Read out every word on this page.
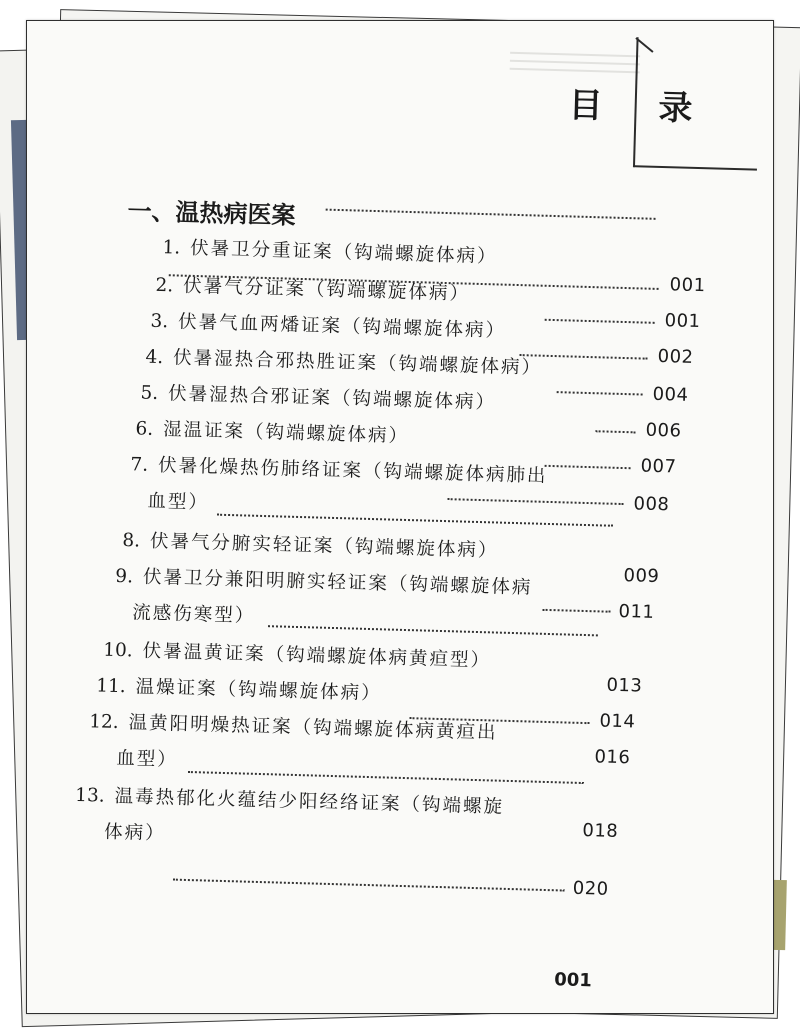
目 录
一、温热病医案
1. 伏暑卫分重证案（钩端螺旋体病）
001
2. 伏暑气分证案（钩端螺旋体病）
001
3. 伏暑气血两燔证案（钩端螺旋体病）
002
4. 伏暑湿热合邪热胜证案（钩端螺旋体病）
004
5. 伏暑湿热合邪证案（钩端螺旋体病）
006
6. 湿温证案（钩端螺旋体病）
007
7. 伏暑化燥热伤肺络证案（钩端螺旋体病肺出
008
血型）
8. 伏暑气分腑实轻证案（钩端螺旋体病）
009
9. 伏暑卫分兼阳明腑实轻证案（钩端螺旋体病
011
流感伤寒型）
10. 伏暑温黄证案（钩端螺旋体病黄疸型）
013
11. 温燥证案（钩端螺旋体病）
014
12. 温黄阳明燥热证案（钩端螺旋体病黄疸出
016
血型）
13. 温毒热郁化火蕴结少阳经络证案（钩端螺旋
018
体病）
020
001
